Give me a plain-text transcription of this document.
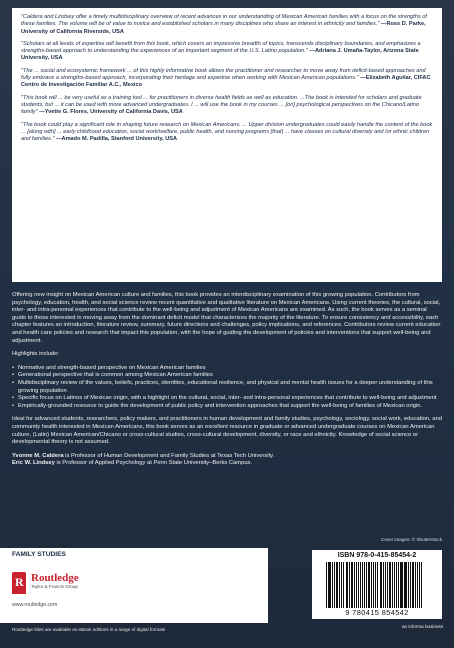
"Caldera and Lindsey offer a timely multidisciplinary overview of recent advances in our understanding of Mexican American families with a focus on the strengths of these families. The volume will be of value to novice and established scholars in many disciplines who share an interest in ethnicity and families." —Ross D. Parke, University of California Riverside, USA
"Scholars at all levels of expertise will benefit from this book, which covers an impressive breadth of topics, transcends disciplinary boundaries, and emphasizes a strengths-based approach to understanding the experiences of an important segment of the U.S. Latino population." —Adriana J. Umaña-Taylor, Arizona State University, USA
"The ... social and ecosystemic framework ... of this highly informative book allows the practitioner and researcher to move away from deficit-based approaches and fully embrace a strengths-based approach, incorporating their heritage and expertise when working with Mexican American populations." —Elizabeth Aguilar, CIFAC Centro de Investigación Familiar A.C., Mexico
"This book will ... be very useful as a training tool ... for practitioners in diverse health fields as well as education. ...The book is intended for scholars and graduate students, but ... it can be used with more advanced undergraduates. I ... will use the book in my courses ... [on] psychological perspectives on the Chicano/Latino family" —Yvette G. Flores, University of California Davis, USA
"The book could play a significant role in shaping future research on Mexican Americans. ... Upper division undergraduates could easily handle the content of the book ... [along with] ... early childhood education, social work/welfare, public health, and nursing programs [that] ... have classes on cultural diversity and /or ethnic children and families." —Amado M. Padilla, Stanford University, USA

Offering new insight on Mexican American culture and families, this book provides an interdisciplinary examination of this growing population. Contributors from psychology, education, health, and social science review recent quantitative and qualitative literature on Mexican Americans. Using current theories, the cultural, social, inter- and intra-personal experiences that contribute to the well-being and adjustment of Mexican Americans are examined. As such, the book serves as a seminal guide to those interested in moving away from the dominant deficit model that characterizes the majority of the literature. To ensure consistency and accessibility, each chapter features an introduction, literature review, summary, future directions and challenges, policy implications, and references. Contributors review current education and health care policies and research that impact this population, with the hope of guiding the development of policies and interventions that support well-being and adjustment.

Highlights include:

• Normative and strength-based perspective on Mexican American families
• Generational perspective that is common among Mexican American families
• Multidisciplinary review of the values, beliefs, practices, identities, educational resilience, and physical and mental health issues for a deeper understanding of this growing population
• Specific focus on Latinos of Mexican origin, with a highlight on the cultural, social, inter- and intra-personal experiences that contribute to well-being and adjustment
• Empirically-grounded resource to guide the development of public policy and intervention approaches that support the well-being of families of Mexican origin.

Ideal for advanced students, researchers, policy makers, and practitioners in human development and family studies, psychology, sociology, social work, education, and community health interested in Mexican Americans, this book serves as an excellent resource in graduate or advanced undergraduate courses on Mexican American culture, (Latin) Mexican American/Chicano or cross-cultural studies, cross-cultural development, diversity, or race and ethnicity. Knowledge of social science or developmental theory is not assumed.

Yvonne M. Caldera is Professor of Human Development and Family Studies at Texas Tech University.
Eric W. Lindsey is Professor of Applied Psychology at Penn State University–Berks Campus.
Cover images: © Shutterstock
FAMILY STUDIES
R
Routledge
Taylor & Francis Group
www.routledge.com
Routledge titles are available as eBook editions in a range of digital formats
ISBN 978-0-415-85454-2
9 780415 854542
an informa business
